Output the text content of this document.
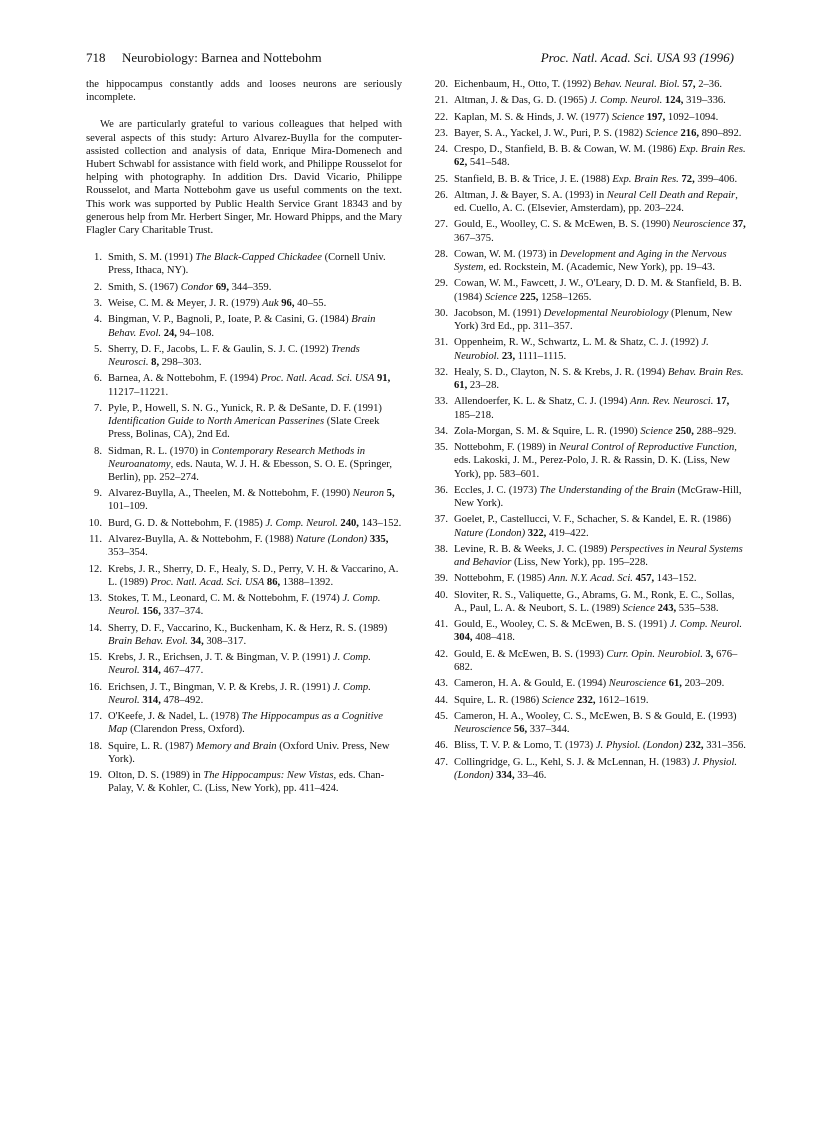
718 Neurobiology: Barnea and Nottebohm	Proc. Natl. Acad. Sci. USA 93 (1996)

the hippocampus constantly adds and looses neurons are seriously incomplete.

We are particularly grateful to various colleagues that helped with several aspects of this study: Arturo Alvarez-Buylla for the computer-assisted collection and analysis of data, Enrique Mira-Domenech and Hubert Schwabl for assistance with field work, and Philippe Rousselot for helping with photography. In addition Drs. David Vicario, Philippe Rousselot, and Marta Nottebohm gave us useful comments on the text. This work was supported by Public Health Service Grant 18343 and by generous help from Mr. Herbert Singer, Mr. Howard Phipps, and the Mary Flagler Cary Charitable Trust.

1. Smith, S. M. (1991) The Black-Capped Chickadee (Cornell Univ. Press, Ithaca, NY).
2. Smith, S. (1967) Condor 69, 344–359.
3. Weise, C. M. & Meyer, J. R. (1979) Auk 96, 40–55.
4. Bingman, V. P., Bagnoli, P., Ioate, P. & Casini, G. (1984) Brain Behav. Evol. 24, 94–108.
5. Sherry, D. F., Jacobs, L. F. & Gaulin, S. J. C. (1992) Trends Neurosci. 8, 298–303.
6. Barnea, A. & Nottebohm, F. (1994) Proc. Natl. Acad. Sci. USA 91, 11217–11221.
7. Pyle, P., Howell, S. N. G., Yunick, R. P. & DeSante, D. F. (1991) Identification Guide to North American Passerines (Slate Creek Press, Bolinas, CA), 2nd Ed.
8. Sidman, R. L. (1970) in Contemporary Research Methods in Neuroanatomy, eds. Nauta, W. J. H. & Ebesson, S. O. E. (Springer, Berlin), pp. 252–274.
9. Alvarez-Buylla, A., Theelen, M. & Nottebohm, F. (1990) Neuron 5, 101–109.
10. Burd, G. D. & Nottebohm, F. (1985) J. Comp. Neurol. 240, 143–152.
11. Alvarez-Buylla, A. & Nottebohm, F. (1988) Nature (London) 335, 353–354.
12. Krebs, J. R., Sherry, D. F., Healy, S. D., Perry, V. H. & Vaccarino, A. L. (1989) Proc. Natl. Acad. Sci. USA 86, 1388–1392.
13. Stokes, T. M., Leonard, C. M. & Nottebohm, F. (1974) J. Comp. Neurol. 156, 337–374.
14. Sherry, D. F., Vaccarino, K., Buckenham, K. & Herz, R. S. (1989) Brain Behav. Evol. 34, 308–317.
15. Krebs, J. R., Erichsen, J. T. & Bingman, V. P. (1991) J. Comp. Neurol. 314, 467–477.
16. Erichsen, J. T., Bingman, V. P. & Krebs, J. R. (1991) J. Comp. Neurol. 314, 478–492.
17. O'Keefe, J. & Nadel, L. (1978) The Hippocampus as a Cognitive Map (Clarendon Press, Oxford).
18. Squire, L. R. (1987) Memory and Brain (Oxford Univ. Press, New York).
19. Olton, D. S. (1989) in The Hippocampus: New Vistas, eds. Chan-Palay, V. & Kohler, C. (Liss, New York), pp. 411–424.
20. Eichenbaum, H., Otto, T. (1992) Behav. Neural. Biol. 57, 2–36.
21. Altman, J. & Das, G. D. (1965) J. Comp. Neurol. 124, 319–336.
22. Kaplan, M. S. & Hinds, J. W. (1977) Science 197, 1092–1094.
23. Bayer, S. A., Yackel, J. W., Puri, P. S. (1982) Science 216, 890–892.
24. Crespo, D., Stanfield, B. B. & Cowan, W. M. (1986) Exp. Brain Res. 62, 541–548.
25. Stanfield, B. B. & Trice, J. E. (1988) Exp. Brain Res. 72, 399–406.
26. Altman, J. & Bayer, S. A. (1993) in Neural Cell Death and Repair, ed. Cuello, A. C. (Elsevier, Amsterdam), pp. 203–224.
27. Gould, E., Woolley, C. S. & McEwen, B. S. (1990) Neuroscience 37, 367–375.
28. Cowan, W. M. (1973) in Development and Aging in the Nervous System, ed. Rockstein, M. (Academic, New York), pp. 19–43.
29. Cowan, W. M., Fawcett, J. W., O'Leary, D. D. M. & Stanfield, B. B. (1984) Science 225, 1258–1265.
30. Jacobson, M. (1991) Developmental Neurobiology (Plenum, New York) 3rd Ed., pp. 311–357.
31. Oppenheim, R. W., Schwartz, L. M. & Shatz, C. J. (1992) J. Neurobiol. 23, 1111–1115.
32. Healy, S. D., Clayton, N. S. & Krebs, J. R. (1994) Behav. Brain Res. 61, 23–28.
33. Allendoerfer, K. L. & Shatz, C. J. (1994) Ann. Rev. Neurosci. 17, 185–218.
34. Zola-Morgan, S. M. & Squire, L. R. (1990) Science 250, 288–929.
35. Nottebohm, F. (1989) in Neural Control of Reproductive Function, eds. Lakoski, J. M., Perez-Polo, J. R. & Rassin, D. K. (Liss, New York), pp. 583–601.
36. Eccles, J. C. (1973) The Understanding of the Brain (McGraw-Hill, New York).
37. Goelet, P., Castellucci, V. F., Schacher, S. & Kandel, E. R. (1986) Nature (London) 322, 419–422.
38. Levine, R. B. & Weeks, J. C. (1989) Perspectives in Neural Systems and Behavior (Liss, New York), pp. 195–228.
39. Nottebohm, F. (1985) Ann. N.Y. Acad. Sci. 457, 143–152.
40. Sloviter, R. S., Valiquette, G., Abrams, G. M., Ronk, E. C., Sollas, A., Paul, L. A. & Neubort, S. L. (1989) Science 243, 535–538.
41. Gould, E., Wooley, C. S. & McEwen, B. S. (1991) J. Comp. Neurol. 304, 408–418.
42. Gould, E. & McEwen, B. S. (1993) Curr. Opin. Neurobiol. 3, 676–682.
43. Cameron, H. A. & Gould, E. (1994) Neuroscience 61, 203–209.
44. Squire, L. R. (1986) Science 232, 1612–1619.
45. Cameron, H. A., Wooley, C. S., McEwen, B. S & Gould, E. (1993) Neuroscience 56, 337–344.
46. Bliss, T. V. P. & Lomo, T. (1973) J. Physiol. (London) 232, 331–356.
47. Collingridge, G. L., Kehl, S. J. & McLennan, H. (1983) J. Physiol. (London) 334, 33–46.
